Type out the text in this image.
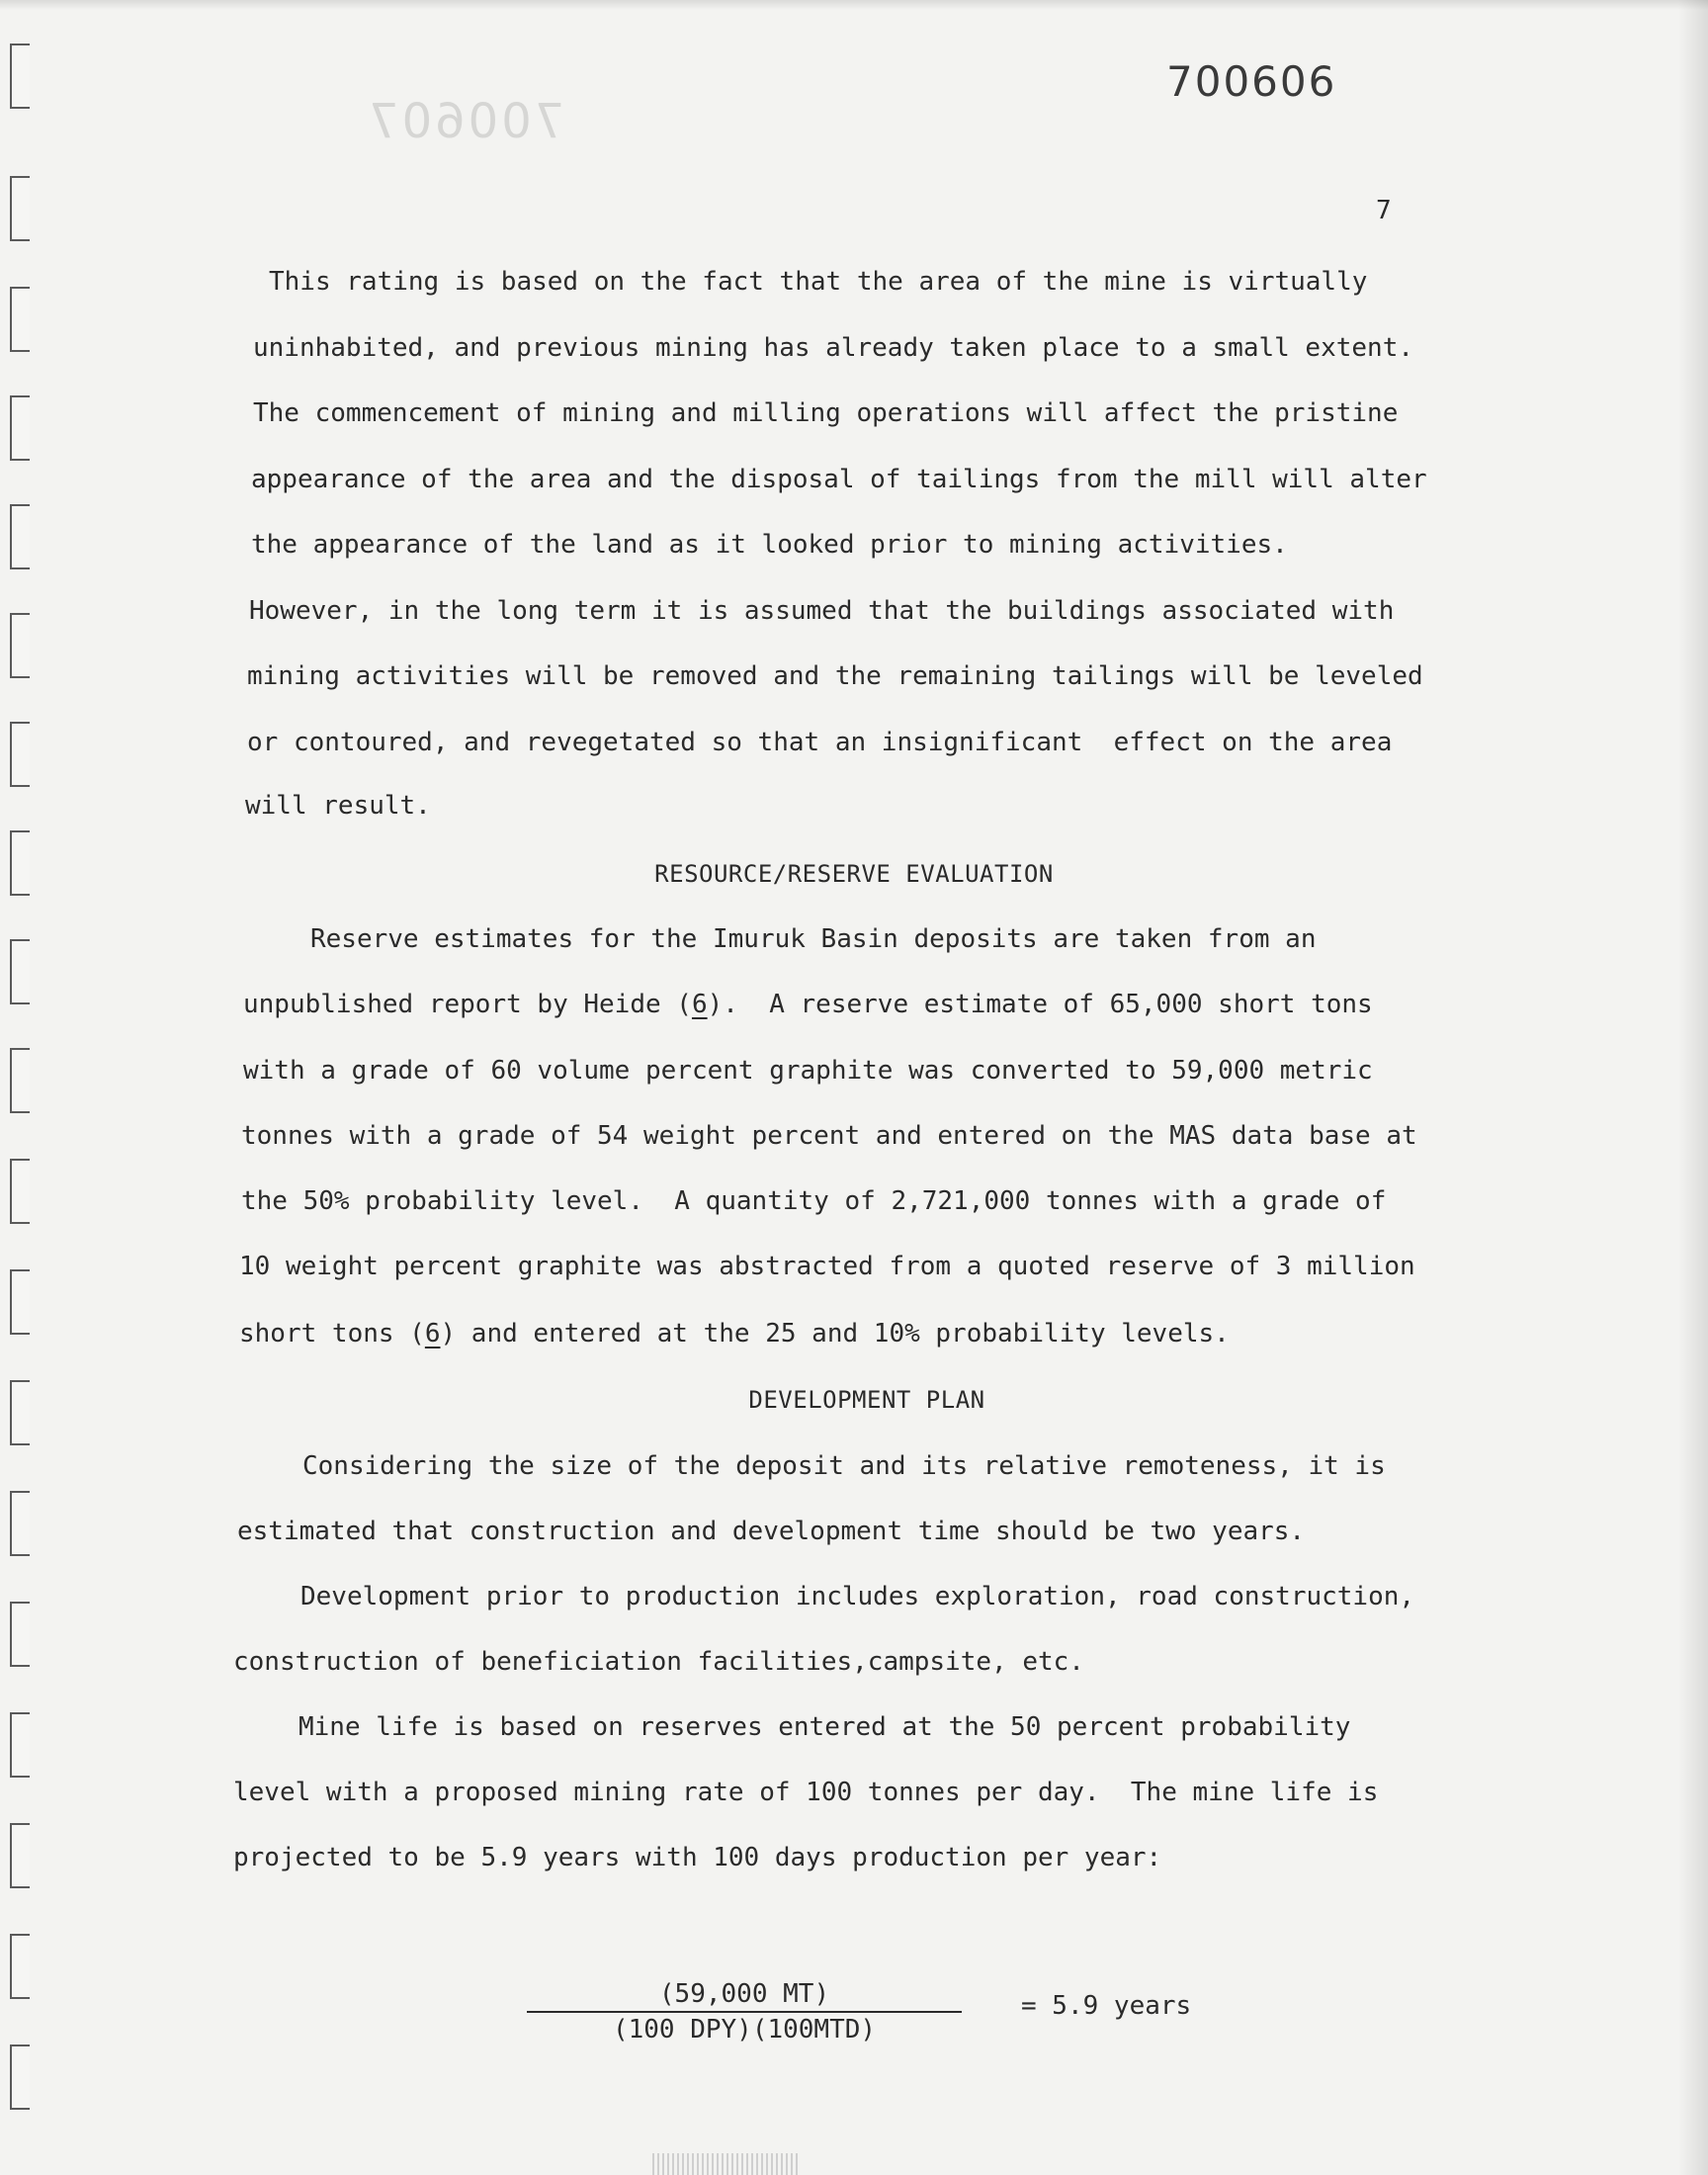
700607
700606
7
This rating is based on the fact that the area of the mine is virtually
uninhabited, and previous mining has already taken place to a small extent.
The commencement of mining and milling operations will affect the pristine
appearance of the area and the disposal of tailings from the mill will alter
the appearance of the land as it looked prior to mining activities.
However, in the long term it is assumed that the buildings associated with
mining activities will be removed and the remaining tailings will be leveled
or contoured, and revegetated so that an insignificant  effect on the area
will result.
RESOURCE/RESERVE EVALUATION
Reserve estimates for the Imuruk Basin deposits are taken from an
unpublished report by Heide (6).  A reserve estimate of 65,000 short tons
with a grade of 60 volume percent graphite was converted to 59,000 metric
tonnes with a grade of 54 weight percent and entered on the MAS data base at
the 50% probability level.  A quantity of 2,721,000 tonnes with a grade of
10 weight percent graphite was abstracted from a quoted reserve of 3 million
short tons (6) and entered at the 25 and 10% probability levels.
DEVELOPMENT PLAN
Considering the size of the deposit and its relative remoteness, it is
estimated that construction and development time should be two years.
Development prior to production includes exploration, road construction,
construction of beneficiation facilities,campsite, etc.
Mine life is based on reserves entered at the 50 percent probability
level with a proposed mining rate of 100 tonnes per day.  The mine life is
projected to be 5.9 years with 100 days production per year:
(59,000 MT)
(100 DPY)(100MTD)
= 5.9 years
